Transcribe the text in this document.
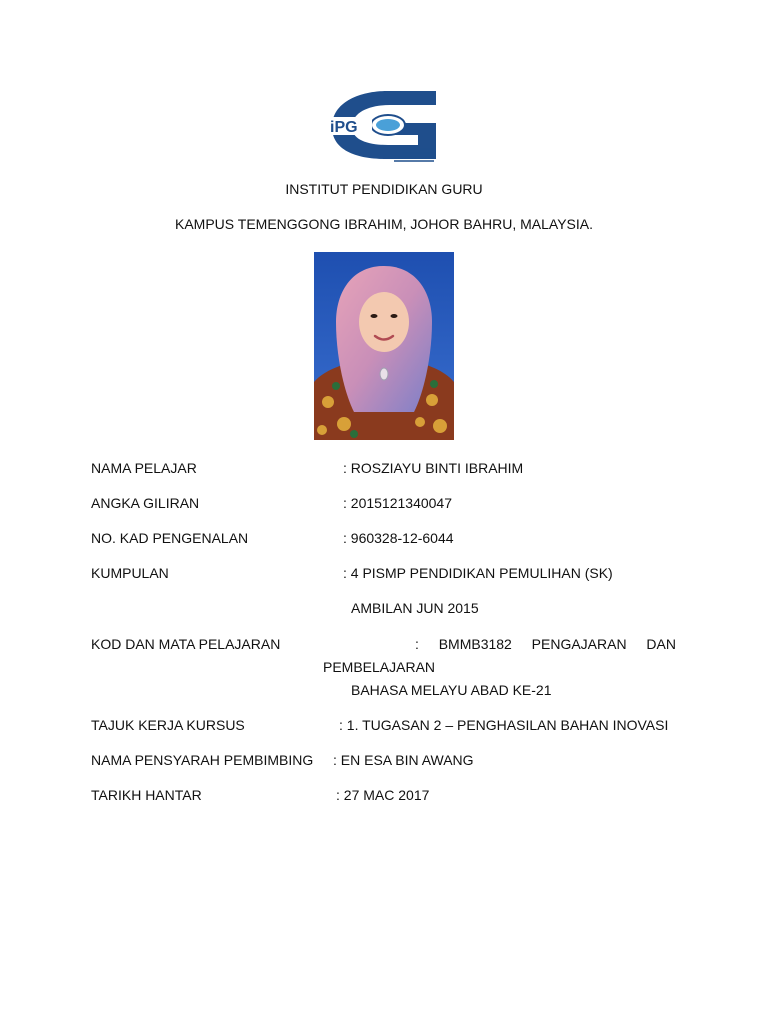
iPG
INSTITUT PENDIDIKAN GURU
KAMPUS TEMENGGONG IBRAHIM, JOHOR BAHRU, MALAYSIA.
NAMA PELAJAR	: ROSZIAYU BINTI IBRAHIM
ANGKA GILIRAN	: 2015121340047
NO. KAD PENGENALAN	: 960328-12-6044
KUMPULAN	: 4 PISMP PENDIDIKAN PEMULIHAN (SK)
AMBILAN JUN 2015
KOD DAN MATA PELAJARAN	: BMMB3182 PENGAJARAN DAN
PEMBELAJARAN
BAHASA MELAYU ABAD KE-21
TAJUK KERJA KURSUS	: 1. TUGASAN 2 – PENGHASILAN BAHAN INOVASI
NAMA PENSYARAH PEMBIMBING : EN ESA BIN AWANG
TARIKH HANTAR	: 27 MAC 2017
